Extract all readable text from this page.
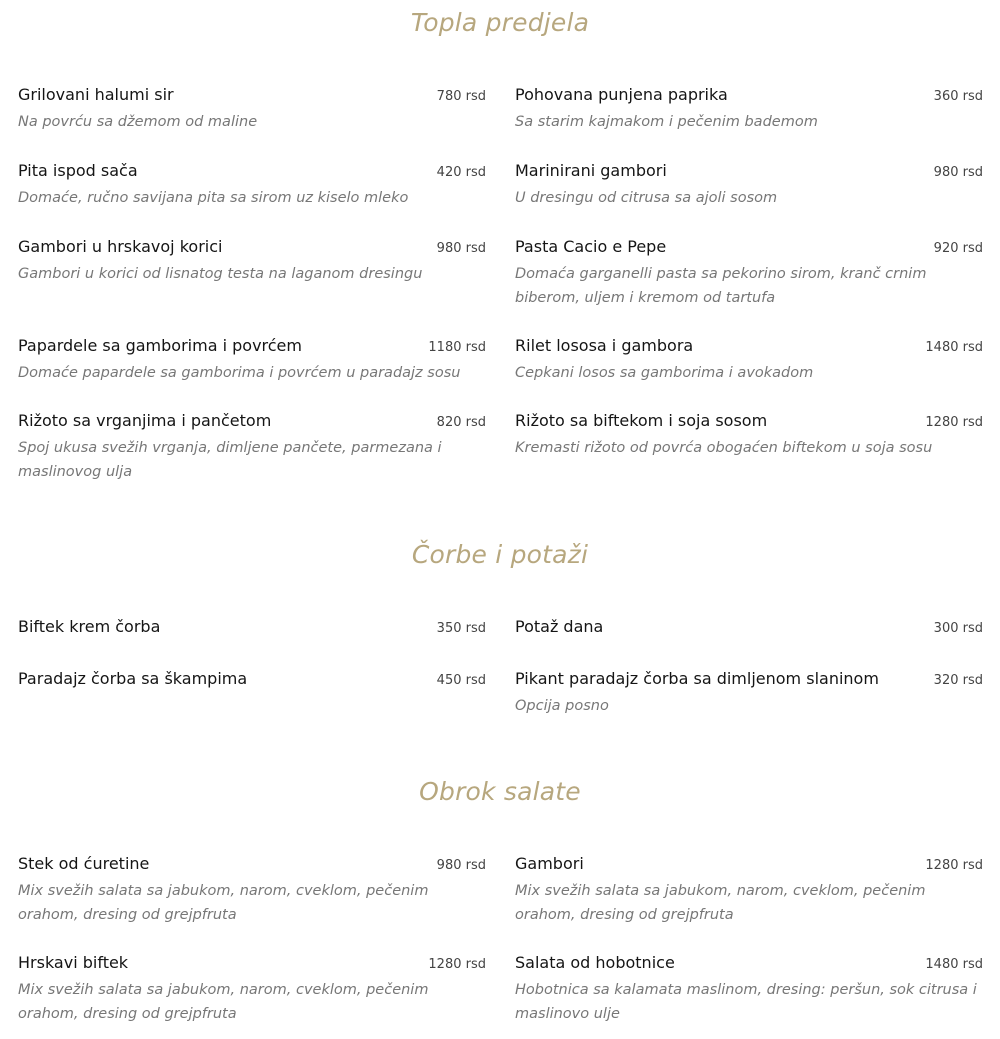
Topla predjela
Grilovani halumi sir	780 rsd
Na povrću sa džemom od maline
Pohovana punjena paprika	360 rsd
Sa starim kajmakom i pečenim bademom
Pita ispod sača	420 rsd
Domaće, ručno savijana pita sa sirom uz kiselo mleko
Marinirani gambori	980 rsd
U dresingu od citrusa sa ajoli sosom
Gambori u hrskavoj korici	980 rsd
Gambori u korici od lisnatog testa na laganom dresingu
Pasta Cacio e Pepe	920 rsd
Domaća garganelli pasta sa pekorino sirom, kranč crnim biberom, uljem i kremom od tartufa
Papardele sa gamborima i povrćem	1180 rsd
Domaće papardele sa gamborima i povrćem u paradajz sosu
Rilet lososa i gambora	1480 rsd
Cepkani losos sa gamborima i avokadom
Rižoto sa vrganjima i pančetom	820 rsd
Spoj ukusa svežih vrganja, dimljene pančete, parmezana i maslinovog ulja
Rižoto sa biftekom i soja sosom	1280 rsd
Kremasti rižoto od povrća obogaćen biftekom u soja sosu
Čorbe i potaži
Biftek krem čorba	350 rsd Potaž dana	300 rsd
Paradajz čorba sa škampima	450 rsd Pikant paradajz čorba sa dimljenom slaninom	320 rsd
Opcija posno
Obrok salate
Stek od ćuretine	980 rsd
Mix svežih salata sa jabukom, narom, cveklom, pečenim orahom, dresing od grejpfruta
Gambori	1280 rsd
Mix svežih salata sa jabukom, narom, cveklom, pečenim orahom, dresing od grejpfruta
Hrskavi biftek	1280 rsd
Mix svežih salata sa jabukom, narom, cveklom, pečenim orahom, dresing od grejpfruta
Salata od hobotnice	1480 rsd
Hobotnica sa kalamata maslinom, dresing: peršun, sok citrusa i maslinovo ulje
